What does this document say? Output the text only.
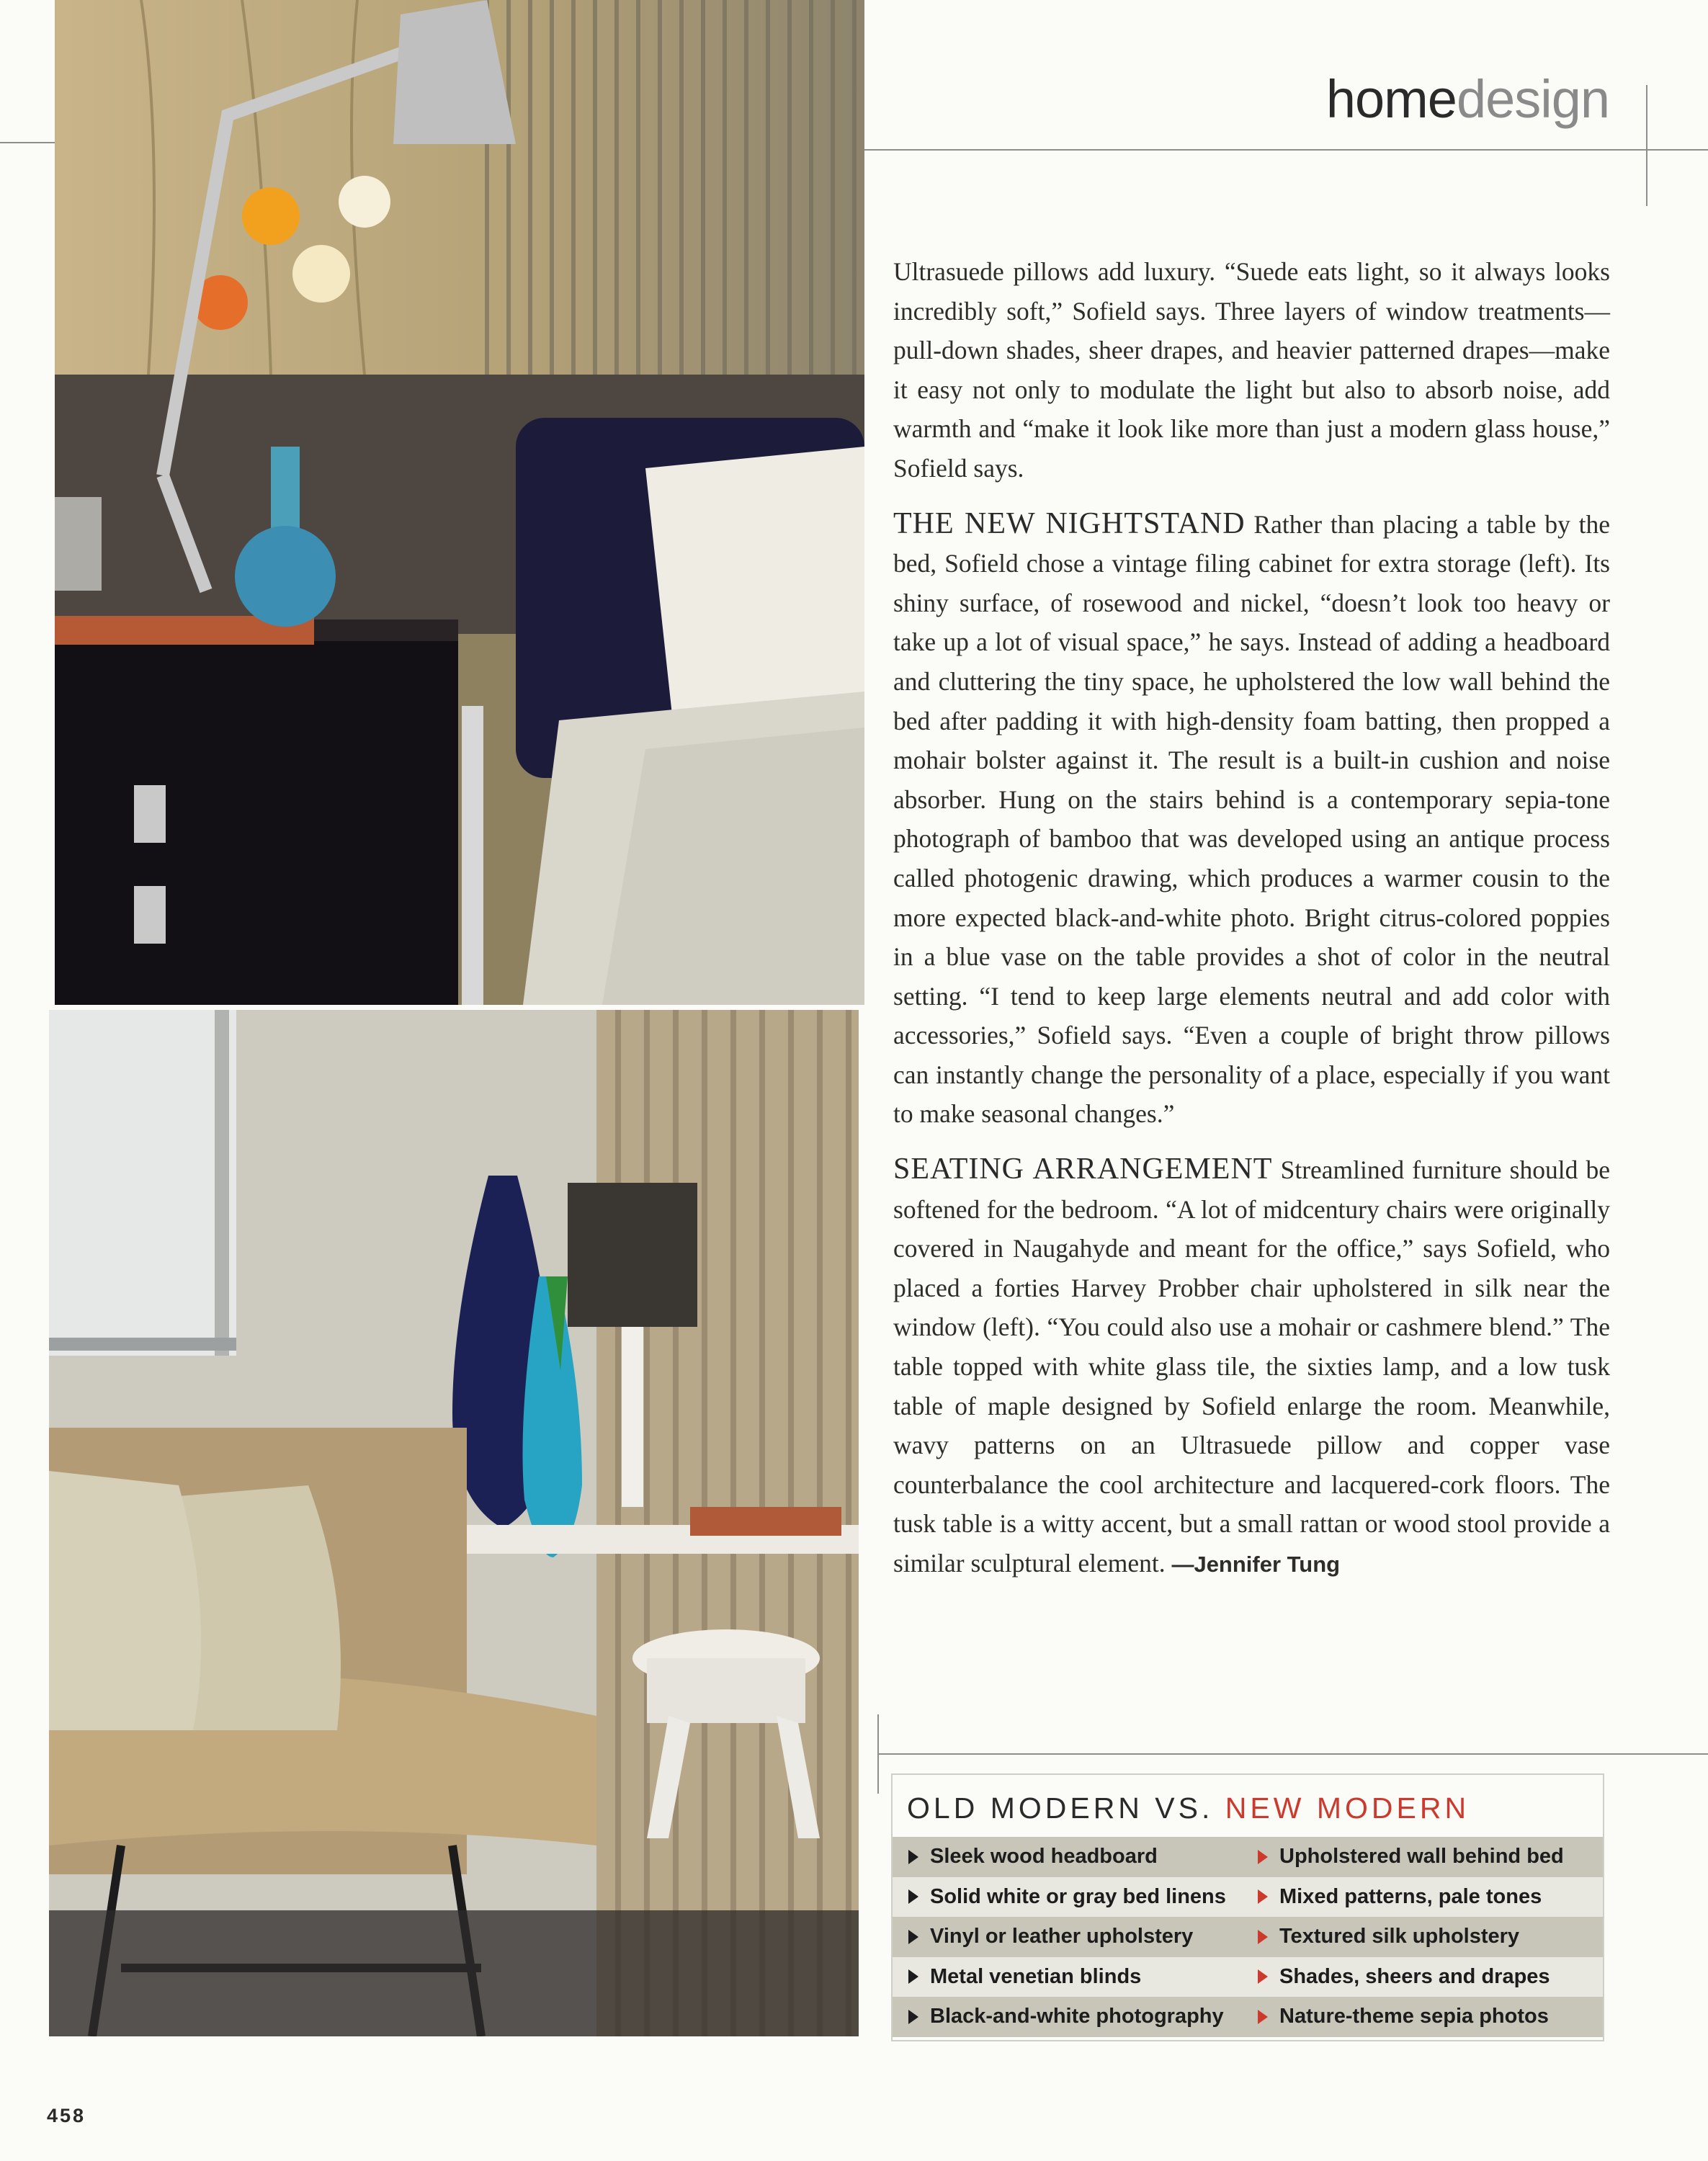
homedesign

Ultrasuede pillows add luxury. “Suede eats light, so it always looks incredibly soft,” Sofield says. Three layers of window treatments—pull-down shades, sheer drapes, and heavier patterned drapes—make it easy not only to modulate the light but also to absorb noise, add warmth and “make it look like more than just a modern glass house,” Sofield says.

THE NEW NIGHTSTAND Rather than placing a table by the bed, Sofield chose a vintage filing cabinet for extra storage (left). Its shiny surface, of rosewood and nickel, “doesn’t look too heavy or take up a lot of visual space,” he says. Instead of adding a headboard and cluttering the tiny space, he upholstered the low wall behind the bed after padding it with high-density foam batting, then propped a mohair bolster against it. The result is a built-in cushion and noise absorber. Hung on the stairs behind is a contemporary sepia-tone photograph of bamboo that was developed using an antique process called photogenic drawing, which produces a warmer cousin to the more expected black-and-white photo. Bright citrus-colored poppies in a blue vase on the table provides a shot of color in the neutral setting. “I tend to keep large elements neutral and add color with accessories,” Sofield says. “Even a couple of bright throw pillows can instantly change the personality of a place, especially if you want to make seasonal changes.”

SEATING ARRANGEMENT Streamlined furniture should be softened for the bedroom. “A lot of midcentury chairs were originally covered in Naugahyde and meant for the office,” says Sofield, who placed a forties Harvey Probber chair upholstered in silk near the window (left). “You could also use a mohair or cashmere blend.” The table topped with white glass tile, the sixties lamp, and a low tusk table of maple designed by Sofield enlarge the room. Meanwhile, wavy patterns on an Ultrasuede pillow and copper vase counterbalance the cool architecture and lacquered-cork floors. The tusk table is a witty accent, but a small rattan or wood stool provide a similar sculptural element. —Jennifer Tung

OLD MODERN VS. NEW MODERN
Sleek wood headboard	Upholstered wall behind bed
Solid white or gray bed linens	Mixed patterns, pale tones
Vinyl or leather upholstery	Textured silk upholstery
Metal venetian blinds	Shades, sheers and drapes
Black-and-white photography	Nature-theme sepia photos
458
